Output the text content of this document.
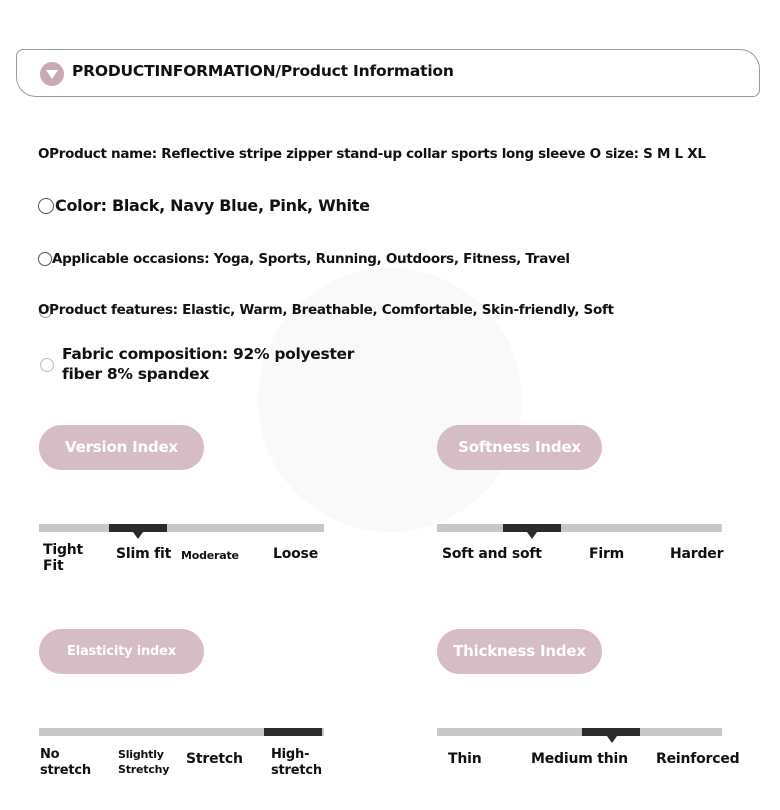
PRODUCTINFORMATION/Product Information
OProduct name: Reflective stripe zipper stand-up collar sports long sleeve O size: S M L XL
Color: Black, Navy Blue, Pink, White
Applicable occasions: Yoga, Sports, Running, Outdoors, Fitness, Travel
OProduct features: Elastic, Warm, Breathable, Comfortable, Skin-friendly, Soft
Fabric composition: 92% polyester
fiber 8% spandex
Version Index
Tight Fit
Slim fit Moderate Loose
Softness Index
Soft and soft	Firm	Harder
Elasticity index
No stretch
Slightly Stretchy
Stretch High-stretch
Thickness Index
Thin	Medium thin Reinforced
